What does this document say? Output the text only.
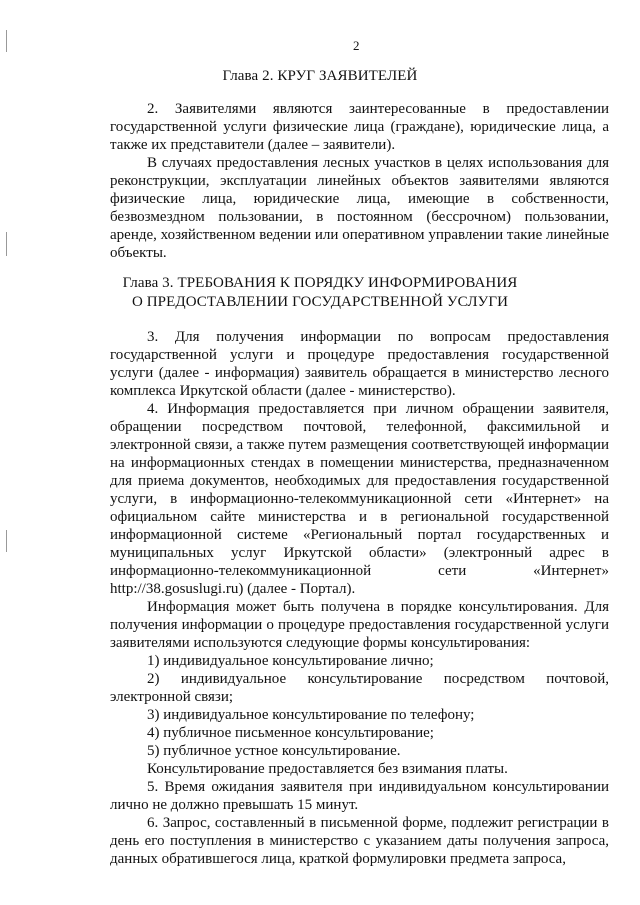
2
Глава 2. КРУГ ЗАЯВИТЕЛЕЙ

2. Заявителями являются заинтересованные в предоставлении государственной услуги физические лица (граждане), юридические лица, а также их представители (далее – заявители).

В случаях предоставления лесных участков в целях использования для реконструкции, эксплуатации линейных объектов заявителями являются физические лица, юридические лица, имеющие в собственности, безвозмездном пользовании, в постоянном (бессрочном) пользовании, аренде, хозяйственном ведении или оперативном управлении такие линейные объекты.

Глава 3. ТРЕБОВАНИЯ К ПОРЯДКУ ИНФОРМИРОВАНИЯ
О ПРЕДОСТАВЛЕНИИ ГОСУДАРСТВЕННОЙ УСЛУГИ

3. Для получения информации по вопросам предоставления государственной услуги и процедуре предоставления государственной услуги (далее - информация) заявитель обращается в министерство лесного комплекса Иркутской области (далее - министерство).

4. Информация предоставляется при личном обращении заявителя, обращении посредством почтовой, телефонной, факсимильной и электронной связи, а также путем размещения соответствующей информации на информационных стендах в помещении министерства, предназначенном для приема документов, необходимых для предоставления государственной услуги, в информационно-телекоммуникационной сети «Интернет» на официальном сайте министерства и в региональной государственной информационной системе «Региональный портал государственных и муниципальных услуг Иркутской области» (электронный адрес в информационно-телекоммуникационной сети «Интернет» http://38.gosuslugi.ru) (далее - Портал).

Информация может быть получена в порядке консультирования. Для получения информации о процедуре предоставления государственной услуги заявителями используются следующие формы консультирования:

1) индивидуальное консультирование лично;

2) индивидуальное консультирование посредством почтовой, электронной связи;

3) индивидуальное консультирование по телефону;

4) публичное письменное консультирование;

5) публичное устное консультирование.

Консультирование предоставляется без взимания платы.

5. Время ожидания заявителя при индивидуальном консультировании лично не должно превышать 15 минут.

6. Запрос, составленный в письменной форме, подлежит регистрации в день его поступления в министерство с указанием даты получения запроса, данных обратившегося лица, краткой формулировки предмета запроса,
